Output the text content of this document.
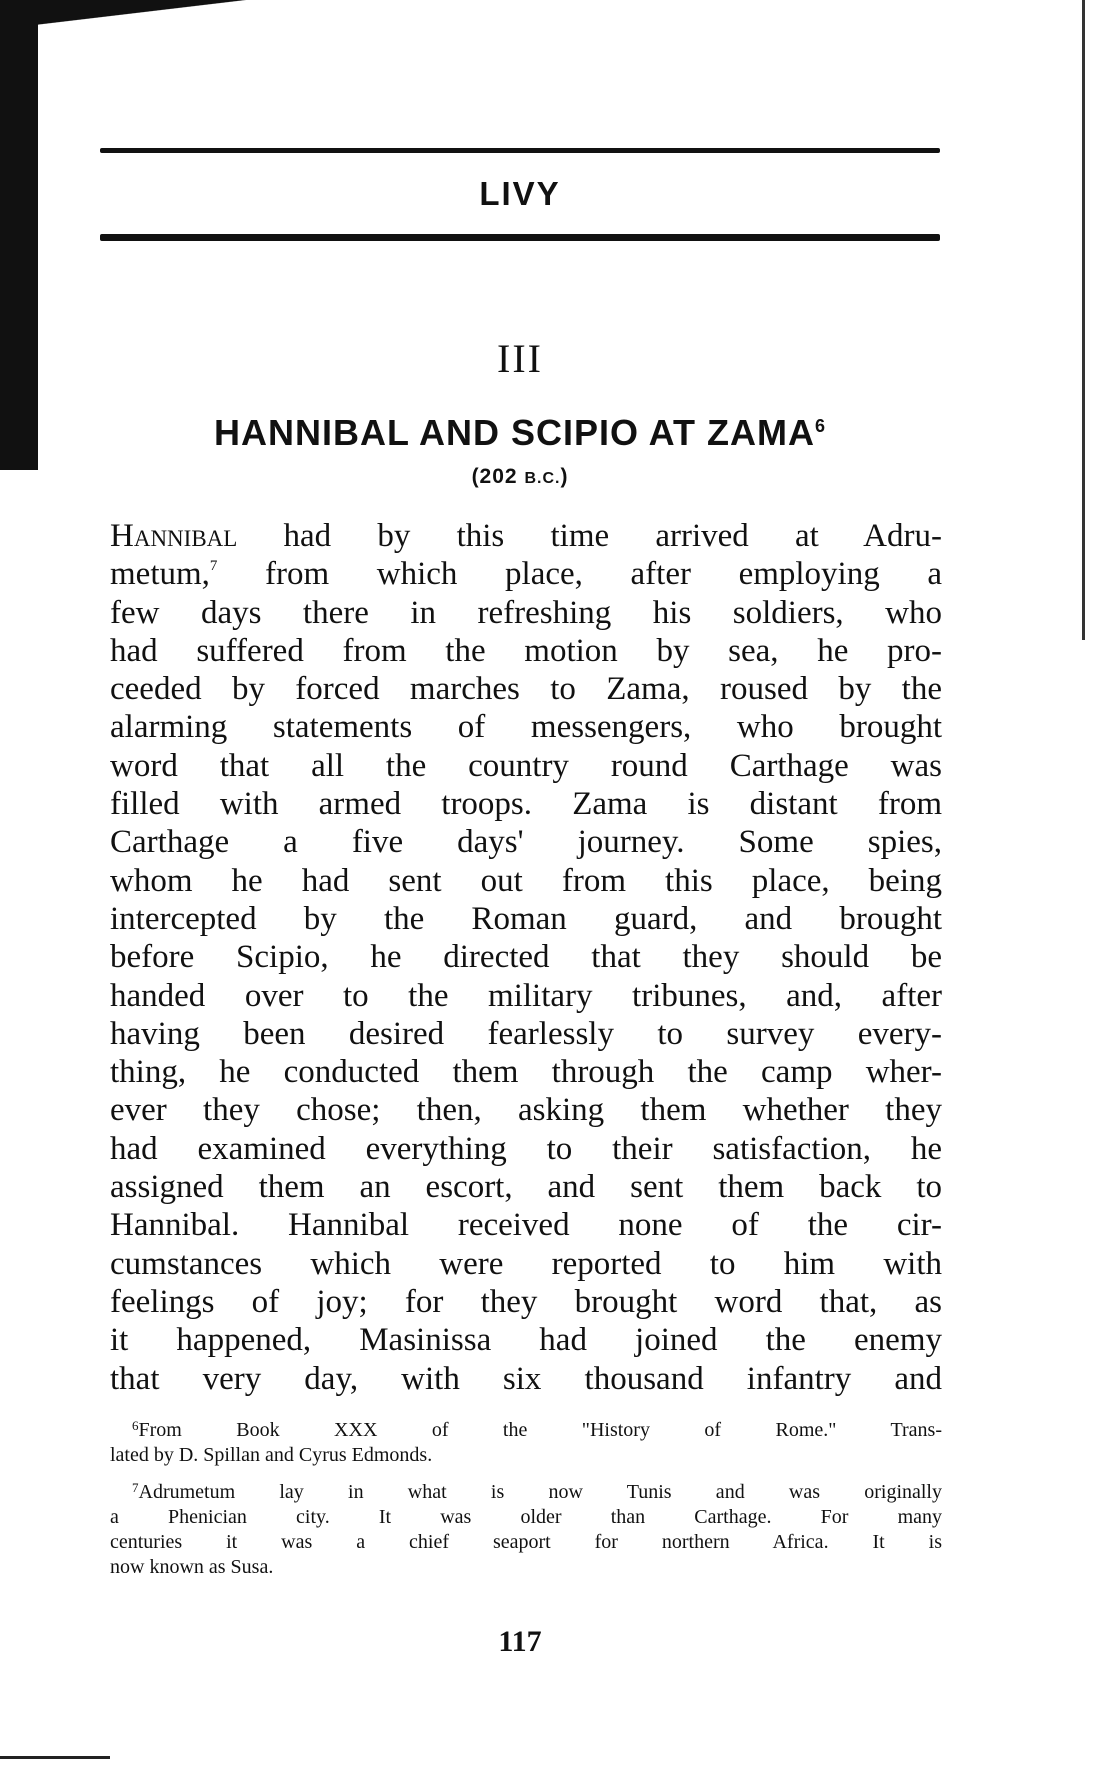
LIVY
III
HANNIBAL AND SCIPIO AT ZAMA$^6$
(202 B.C.)
Hannibal had by this time arrived at Adru-
metum,$^7$ from which place, after employing a
few days there in refreshing his soldiers, who
had suffered from the motion by sea, he pro-
ceeded by forced marches to Zama, roused by the
alarming statements of messengers, who brought
word that all the country round Carthage was
filled with armed troops. Zama is distant from
Carthage a five days' journey. Some spies,
whom he had sent out from this place, being
intercepted by the Roman guard, and brought
before Scipio, he directed that they should be
handed over to the military tribunes, and, after
having been desired fearlessly to survey every-
thing, he conducted them through the camp wher-
ever they chose; then, asking them whether they
had examined everything to their satisfaction, he
assigned them an escort, and sent them back to
Hannibal. Hannibal received none of the cir-
cumstances which were reported to him with
feelings of joy; for they brought word that, as
it happened, Masinissa had joined the enemy
that very day, with six thousand infantry and
$^6$From Book XXX of the "History of Rome." Trans-
lated by D. Spillan and Cyrus Edmonds.
$^7$Adrumetum lay in what is now Tunis and was originally
a Phenician city. It was older than Carthage. For many
centuries it was a chief seaport for northern Africa. It is
now known as Susa.
117
